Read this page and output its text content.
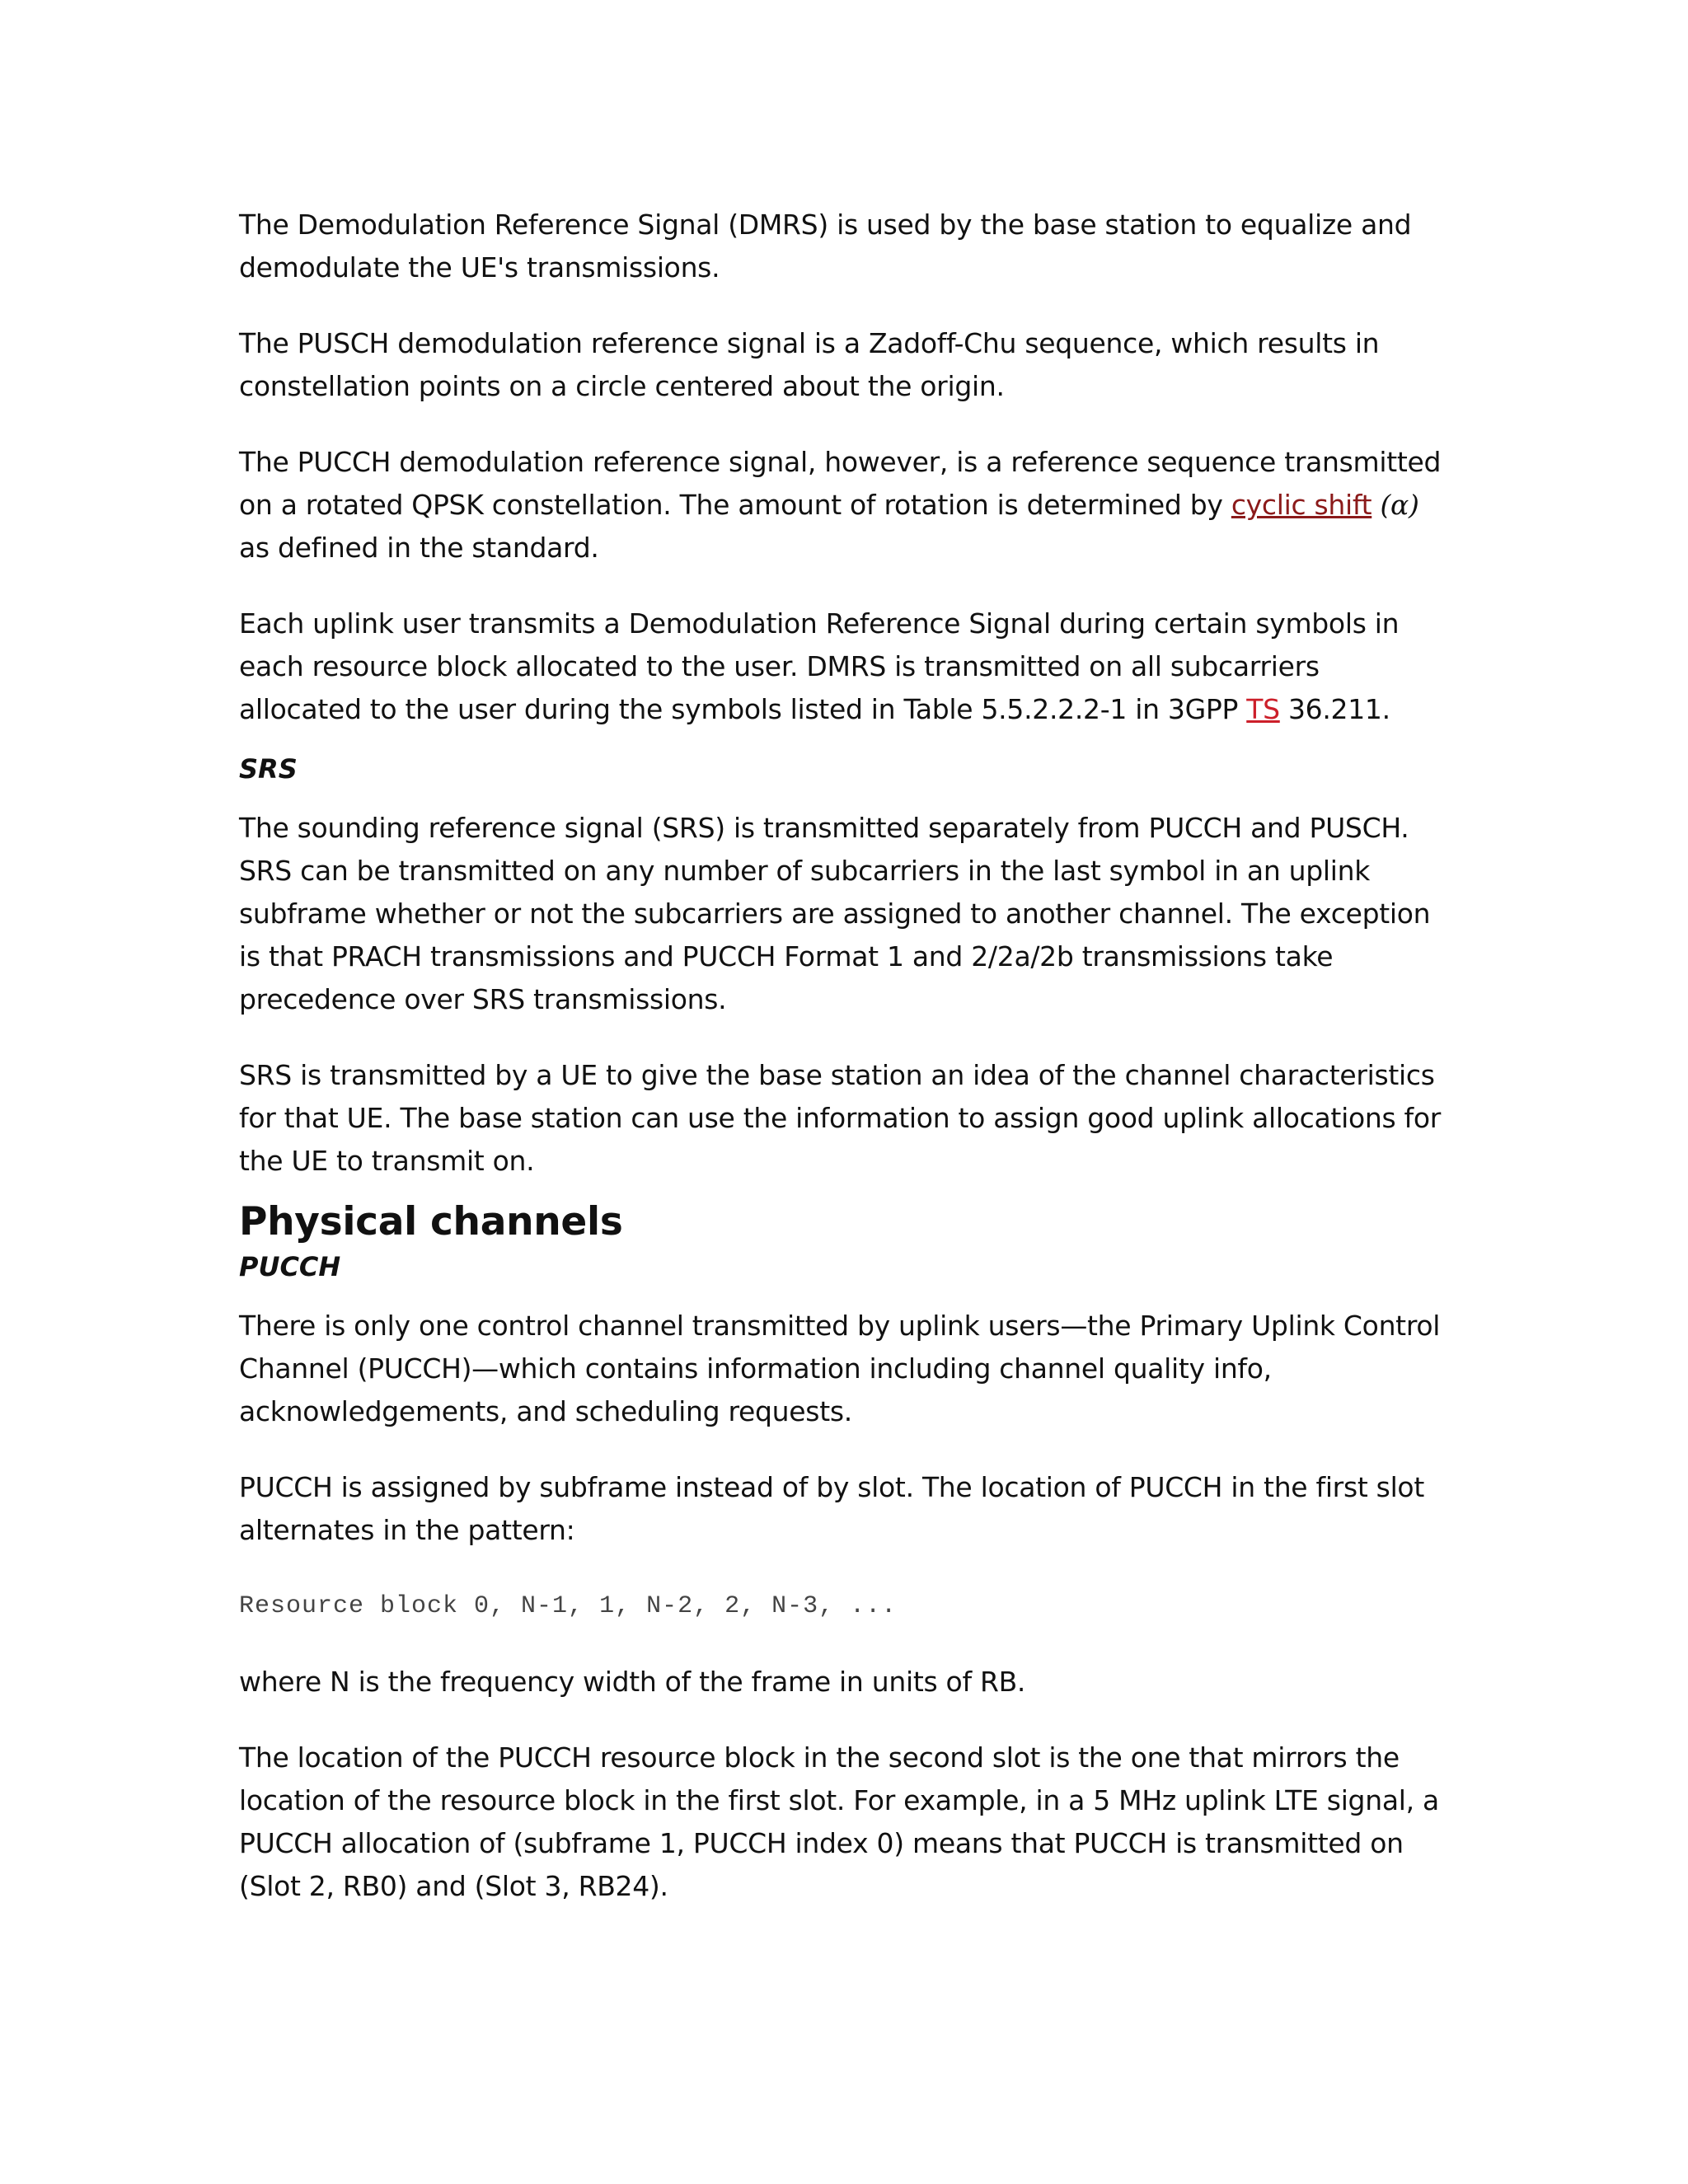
The Demodulation Reference Signal (DMRS) is used by the base station to equalize and demodulate the UE's transmissions.

The PUSCH demodulation reference signal is a Zadoff-Chu sequence, which results in constellation points on a circle centered about the origin.

The PUCCH demodulation reference signal, however, is a reference sequence transmitted on a rotated QPSK constellation. The amount of rotation is determined by cyclic shift (α) as defined in the standard.

Each uplink user transmits a Demodulation Reference Signal during certain symbols in each resource block allocated to the user. DMRS is transmitted on all subcarriers allocated to the user during the symbols listed in Table 5.5.2.2.2-1 in 3GPP TS 36.211.

SRS

The sounding reference signal (SRS) is transmitted separately from PUCCH and PUSCH. SRS can be transmitted on any number of subcarriers in the last symbol in an uplink subframe whether or not the subcarriers are assigned to another channel. The exception is that PRACH transmissions and PUCCH Format 1 and 2/2a/2b transmissions take precedence over SRS transmissions.

SRS is transmitted by a UE to give the base station an idea of the channel characteristics for that UE. The base station can use the information to assign good uplink allocations for the UE to transmit on.

Physical channels

PUCCH

There is only one control channel transmitted by uplink users—the Primary Uplink Control Channel (PUCCH)—which contains information including channel quality info, acknowledgements, and scheduling requests.

PUCCH is assigned by subframe instead of by slot. The location of PUCCH in the first slot alternates in the pattern:

Resource block 0, N-1, 1, N-2, 2, N-3, ...

where N is the frequency width of the frame in units of RB.

The location of the PUCCH resource block in the second slot is the one that mirrors the location of the resource block in the first slot. For example, in a 5 MHz uplink LTE signal, a PUCCH allocation of (subframe 1, PUCCH index 0) means that PUCCH is transmitted on (Slot 2, RB0) and (Slot 3, RB24).
